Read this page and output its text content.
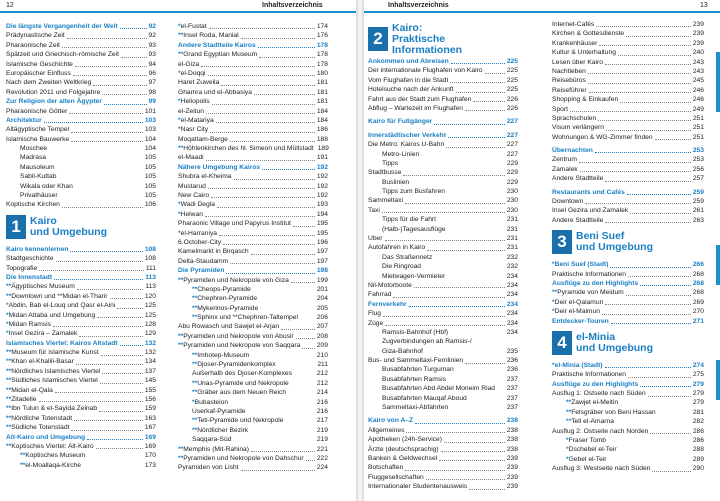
12	Inhaltsverzeichnis
Die längste Vergangenheit der Welt	92
Prädynastische Zeit	92
Pharaonische Zeit	93
Spätzeit und Griechisch-römische Zeit	93
Islamische Geschichte	94
Europäischer Einfluss	96
Nach dem Zweiten Weltkrieg	97
Revolution 2011 und Folgejahre	98
Zur Religion der alten Ägypter	99
Pharaonische Götter	101
Architektur	103
Altägyptische Tempel	103
Islamische Bauwerke	104
Moschee	104
Madrasa	105
Mausoleum	105
Sabil-Kuttab	105
Wikala oder Khan	105
Privathäuser	105
Koptische Kirchen	106
1 Kairo
und Umgebung
Kairo kennenlernen	108
Stadtgeschichte	108
Topografie	111
Die Innenstadt	113
**Ägyptisches Museum	113
**Downtown und **Midan el-Tharir	120
*Abdin, Bab el-Louq und Qasr el-Aini	125
*Midan Attaba und Umgebung	125
*Midan Ramsis	128
*Insel Gezira – Zamalek	129
Islamisches Viertel: Kairos Altstadt	132
**Museum für islamische Kunst	132
**Khan el-Khalili-Basar	134
**Nördliches Islamisches Viertel	137
**Südliches Islamisches Viertel	145
**Midan el-Qala	155
**Zitadelle	156
**Ibn Tulun & el-Sayida Zeinab	159
**Nördliche Totenstadt	163
**Südliche Totenstadt	167
Alt-Kairo und Umgebung	169
**Koptisches Viertel: Alt-Kairo	169
**Koptisches Museum	170
**el-Moallaqa-Kirche	173
*el-Fustat	174
**Insel Roda, Manial	176
Andere Stadtteile Kairos	178
**Grand Egyptian Museum	178
el-Giza	178
*el-Doqqi	180
Haret Zuweila	181
Ghamra und el-Abbasiya	181
*Heliopolis	181
el-Zeitun	184
*el-Matariya	184
*Nasr City	186
Moqattam-Berge	188
**Höhlenkirchen des hl. Simeon und Müllstadt 189
el-Maadi	191
Nähere Umgebung Kairos	192
Shubra el-Kheima	192
Mustarud	192
New Cairo	192
*Wadi Degla	193
*Helwan	194
Pharaonic Village und Papyrus Institut	195
*el-Harraniya	195
6.October-City	196
Kamelmarkt in Birqasch	197
Delta-Staudamm	197
Die Pyramiden	198
**Pyramiden und Nekropole von Giza	199
**Cheops-Pyramide	201
**Chephren-Pyramide	204
**Mykerinos-Pyramide	205
**Sphinx und **Chephren-Taltempel	206
Abu Rowasch und Sawjet el-Arjan	207
**Pyramiden und Nekropole von Abusir	208
**Pyramiden und Nekropole von Saqqara 209
**Imhotep-Museum	210
**Djoser-Pyramidenkomplex	211
Außerhalb des Djoser-Komplexes	212
**Unas-Pyramide und Nekropole	212
**Gräber aus dem Neuen Reich	214
*Bubasteion	216
Userkaf-Pyramide	216
**Teti-Pyramide und Nekropole	217
**Nördlicher Bezirk	219
Saqqara-Süd	219
**Memphis (Mit-Rahina)	221
**Pyramiden und Nekropole von Dahschur 222
Pyramiden von Lisht	224
Inhaltsverzeichnis	13
2
Kairo:
Praktische Informationen
Ankommen und Abreisen	225
Der internationale Flughafen von Kairo	225
Vom Flughafen in die Stadt	225
Hotelsuche nach der Ankunft	225
Fahrt aus der Stadt zum Flughafen	226
Abflug – Wartezeit im Flughafen	226
Kairo für Fußgänger	227
Innerstädtischer Verkehr	227
Die Metro: Kairos U-Bahn	227
Metro-Linien	227
Tipps	229
Stadtbusse	229
Buslinien	229
Tipps zum Busfahren	230
Sammeltaxi	230
Taxi	230
Tipps für die Fahrt	231
(Halb-)Tagesausflüge	231
Uber	231
Autofahren in Kairo	231
Das Straßennetz	232
Die Ringroad	232
Mietwagen-Vermieter	234
Nil-Motorboote	234
Fahrrad	234
Fernverkehr	234
Flug	234
Züge	234
Ramsis-Bahnhof (Hbf)	234
Zugverbindungen ab Ramsis-/
Giza-Bahnhof	235
Bus- und Sammeltaxi-Fernlinien	236
Busabfahrten Turguman	236
Busabfahrten Ramsis	237
Busabfahrten Abd Abdel Moneim Riad 237
Busabfahrten Mauqaf Aboud	237
Sammeltaxi-Abfahrten	237
Kairo von A–Z	238
Allgemeines	238
Apotheken (24h-Service)	238
Ärzte (deutschsprachig)	238
Banken & Geldwechsel	239
Botschaften	239
Fluggesellschaften	239
Internationaler Studentenausweis	239
Internet-Cafés	239
Kirchen & Gottesdienste	239
Krankenhäuser	239
Kultur & Unterhaltung	240
Lesen über Kairo	243
Nachtleben	243
Reisebüros	245
Reiseführer	246
Shopping & Einkaufen	246
Sport	249
Sprachschulen	251
Visum verlängern	251
Wohnungen & WG-Zimmer finden	251
Übernachten	253
Zentrum	253
Zamalek	256
Andere Stadtteile	257
Restaurants und Cafés	259
Downtown	259
Insel Gezira und Zamalek	261
Andere Stadtteile	263
3 Beni Suef
und Umgebung
*Beni Suef (Stadt)	266
Praktische Informationen	268
Ausflüge zu den Highlights	268
**Pyramide von Meidum	268
*Deir el-Qalamun	269
*Deir el-Maimun	270
Entdecker-Touren	271
4 el-Minia
und Umgebung
*el-Minia (Stadt)	274
Praktische Informationen	275
Ausflüge zu den Highlights	279
Ausflug 1: Ostseite nach Süden	279
**Zawjet el-Meitin	279
**Felsgräber von Beni Hassan	281
**Tell el-Amarna	282
Ausflug 2: Ostseite nach Norden	286
*Fraser Tomb	286
*Dschebel el-Teir	288
*Gebel el-Teir	289
Ausflug 3: Westseite nach Süden	290
